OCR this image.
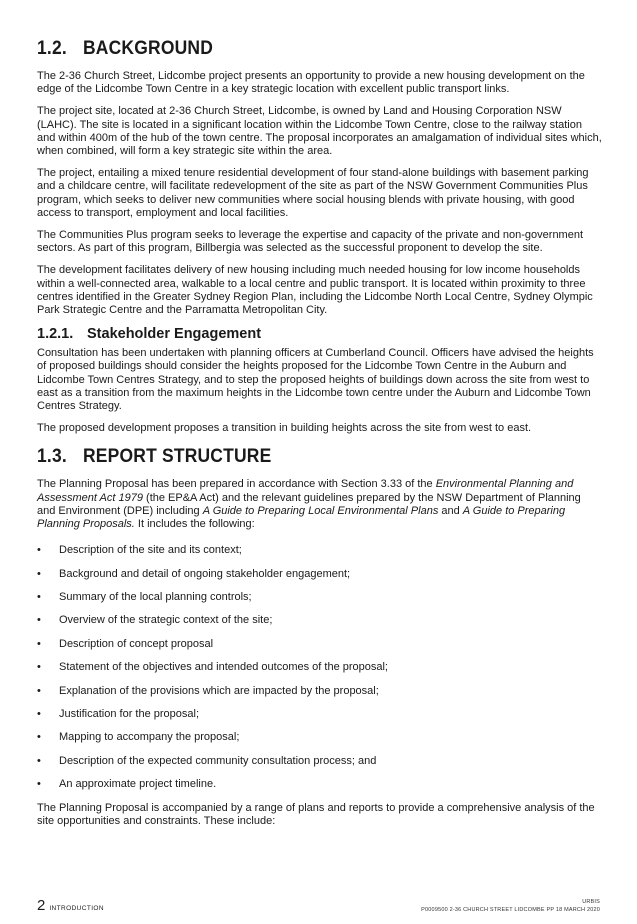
1.2. BACKGROUND

The 2-36 Church Street, Lidcombe project presents an opportunity to provide a new housing development on the edge of the Lidcombe Town Centre in a key strategic location with excellent public transport links.

The project site, located at 2-36 Church Street, Lidcombe, is owned by Land and Housing Corporation NSW (LAHC). The site is located in a significant location within the Lidcombe Town Centre, close to the railway station and within 400m of the hub of the town centre. The proposal incorporates an amalgamation of individual sites which, when combined, will form a key strategic site within the area.

The project, entailing a mixed tenure residential development of four stand-alone buildings with basement parking and a childcare centre, will facilitate redevelopment of the site as part of the NSW Government Communities Plus program, which seeks to deliver new communities where social housing blends with private housing, with good access to transport, employment and local facilities.

The Communities Plus program seeks to leverage the expertise and capacity of the private and non-government sectors. As part of this program, Billbergia was selected as the successful proponent to develop the site.

The development facilitates delivery of new housing including much needed housing for low income households within a well-connected area, walkable to a local centre and public transport. It is located within proximity to three centres identified in the Greater Sydney Region Plan, including the Lidcombe North Local Centre, Sydney Olympic Park Strategic Centre and the Parramatta Metropolitan City.

1.2.1. Stakeholder Engagement

Consultation has been undertaken with planning officers at Cumberland Council. Officers have advised the heights of proposed buildings should consider the heights proposed for the Lidcombe Town Centre in the Auburn and Lidcombe Town Centres Strategy, and to step the proposed heights of buildings down across the site from west to east as a transition from the maximum heights in the Lidcombe town centre under the Auburn and Lidcombe Town Centres Strategy.

The proposed development proposes a transition in building heights across the site from west to east.

1.3. REPORT STRUCTURE

The Planning Proposal has been prepared in accordance with Section 3.33 of the Environmental Planning and Assessment Act 1979 (the EP&A Act) and the relevant guidelines prepared by the NSW Department of Planning and Environment (DPE) including A Guide to Preparing Local Environmental Plans and A Guide to Preparing Planning Proposals. It includes the following:

• Description of the site and its context;
• Background and detail of ongoing stakeholder engagement;
• Summary of the local planning controls;
• Overview of the strategic context of the site;
• Description of concept proposal
• Statement of the objectives and intended outcomes of the proposal;
• Explanation of the provisions which are impacted by the proposal;
• Justification for the proposal;
• Mapping to accompany the proposal;
• Description of the expected community consultation process; and
• An approximate project timeline.

The Planning Proposal is accompanied by a range of plans and reports to provide a comprehensive analysis of the site opportunities and constraints. These include:

2 INTRODUCTION
URBIS
P0009500 2-36 CHURCH STREET LIDCOMBE PP 18 MARCH 2020
